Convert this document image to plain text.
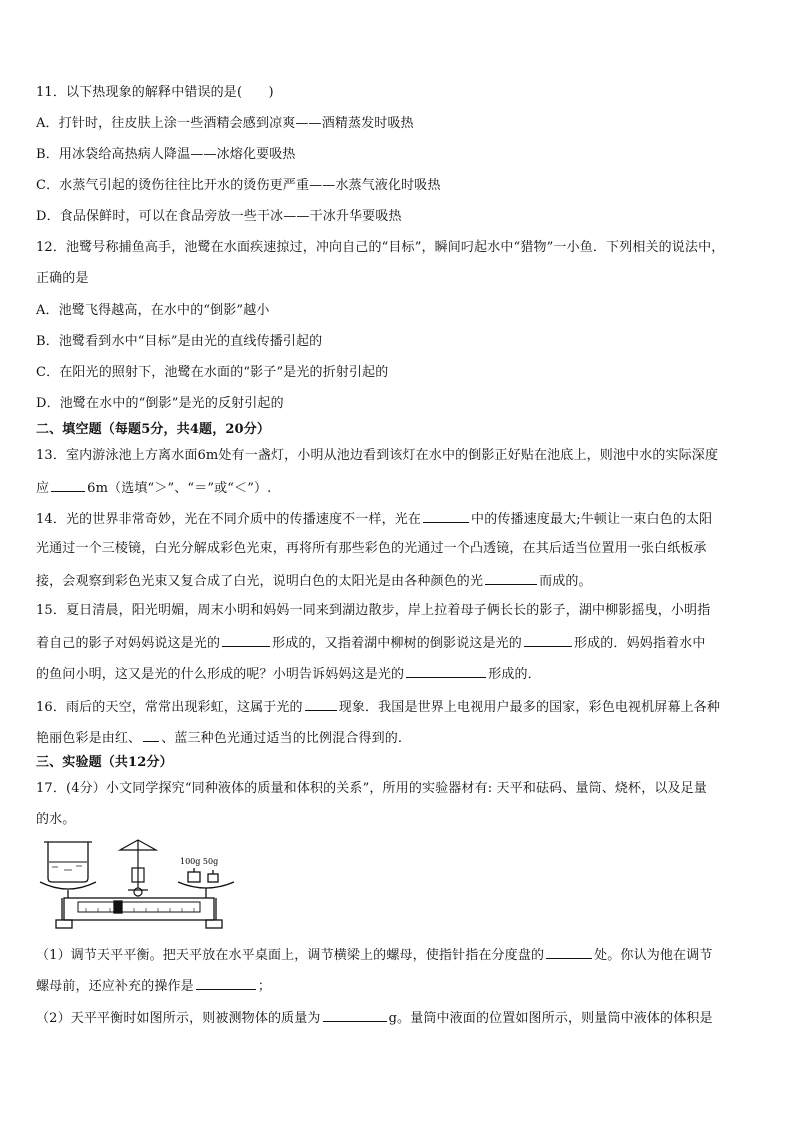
11．以下热现象的解释中错误的是(　　)
A．打针时，往皮肤上涂一些酒精会感到凉爽——酒精蒸发时吸热
B．用冰袋给高热病人降温——冰熔化要吸热
C．水蒸气引起的烫伤往往比开水的烫伤更严重——水蒸气液化时吸热
D．食品保鲜时，可以在食品旁放一些干冰——干冰升华要吸热
12．池鹭号称捕鱼高手，池鹭在水面疾速掠过，冲向自己的“目标”，瞬间叼起水中“猎物”一小鱼．下列相关的说法中，
正确的是
A．池鹭飞得越高，在水中的“倒影”越小
B．池鹭看到水中“目标”是由光的直线传播引起的
C．在阳光的照射下，池鹭在水面的“影子”是光的折射引起的
D．池鹭在水中的“倒影”是光的反射引起的
二、填空题（每题5分，共4题，20分）
13．室内游泳池上方离水面6m处有一盏灯，小明从池边看到该灯在水中的倒影正好贴在池底上，则池中水的实际深度
应	6m（选填“＞”、“＝”或“＜”）.
14．光的世界非常奇妙，光在不同介质中的传播速度不一样，光在	中的传播速度最大;牛顿让一束白色的太阳
光通过一个三棱镜，白光分解成彩色光束，再将所有那些彩色的光通过一个凸透镜，在其后适当位置用一张白纸板承
接，会观察到彩色光束又复合成了白光，说明白色的太阳光是由各种颜色的光	而成的。
15．夏日清晨，阳光明媚，周末小明和妈妈一同来到湖边散步，岸上拉着母子俩长长的影子，湖中柳影摇曳，小明指
着自己的影子对妈妈说这是光的	形成的，又指着湖中柳树的倒影说这是光的	形成的．妈妈指着水中
的鱼问小明，这又是光的什么形成的呢？小明告诉妈妈这是光的	形成的．
16．雨后的天空，常常出现彩虹，这属于光的	现象．我国是世界上电视用户最多的国家，彩色电视机屏幕上各种
艳丽色彩是由红、 、蓝三种色光通过适当的比例混合得到的.
三、实验题（共12分）
17．(4分）小文同学探究“同种液体的质量和体积的关系”，所用的实验器材有: 天平和砝码、量筒、烧杯，以及足量
的水。
100g 50g
（1）调节天平平衡。把天平放在水平桌面上，调节横梁上的螺母，使指针指在分度盘的	处。你认为他在调节
螺母前，还应补充的操作是	；
（2）天平平衡时如图所示，则被测物体的质量为	g。量筒中液面的位置如图所示，则量筒中液体的体积是
